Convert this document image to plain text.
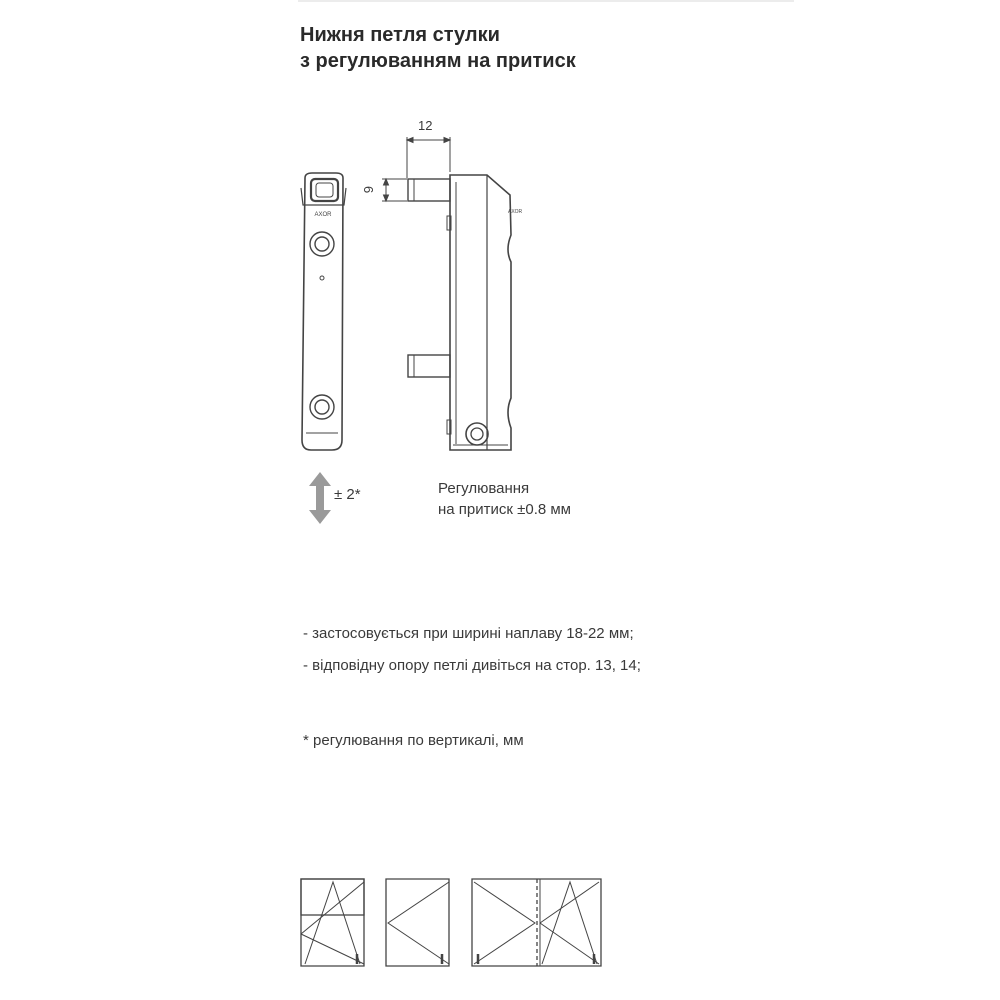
Нижня петля стулки
з регулюванням на притиск
AXOR	AXOR
12
6
± 2*	Регулювання
на притиск ±0.8 мм
- застосовується при ширині наплаву 18-22 мм;
- відповідну опору петлі дивіться на стор. 13, 14;
* регулювання по вертикалі, мм
